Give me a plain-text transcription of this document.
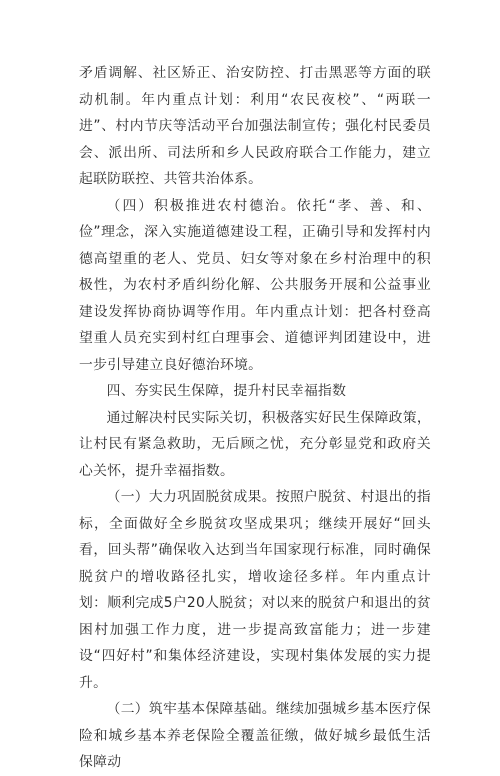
矛盾调解、社区矫正、治安防控、打击黑恶等方面的联动机制。年内重点计划：利用“农民夜校”、“两联一进”、村内节庆等活动平台加强法制宣传；强化村民委员会、派出所、司法所和乡人民政府联合工作能力，建立起联防联控、共管共治体系。

（四）积极推进农村德治。依托“孝、善、和、俭”理念，深入实施道德建设工程，正确引导和发挥村内德高望重的老人、党员、妇女等对象在乡村治理中的积极性，为农村矛盾纠纷化解、公共服务开展和公益事业建设发挥协商协调等作用。年内重点计划：把各村登高望重人员充实到村红白理事会、道德评判团建设中，进一步引导建立良好德治环境。

四、夯实民生保障，提升村民幸福指数

通过解决村民实际关切，积极落实好民生保障政策，让村民有紧急救助，无后顾之忧，充分彰显党和政府关心关怀，提升幸福指数。

（一）大力巩固脱贫成果。按照户脱贫、村退出的指标，全面做好全乡脱贫攻坚成果巩；继续开展好“回头看，回头帮”确保收入达到当年国家现行标准，同时确保脱贫户的增收路径扎实，增收途径多样。年内重点计划：顺利完成5户20人脱贫；对以来的脱贫户和退出的贫困村加强工作力度，进一步提高致富能力；进一步建设“四好村”和集体经济建设，实现村集体发展的实力提升。

（二）筑牢基本保障基础。继续加强城乡基本医疗保险和城乡基本养老保险全覆盖征缴，做好城乡最低生活保障动
